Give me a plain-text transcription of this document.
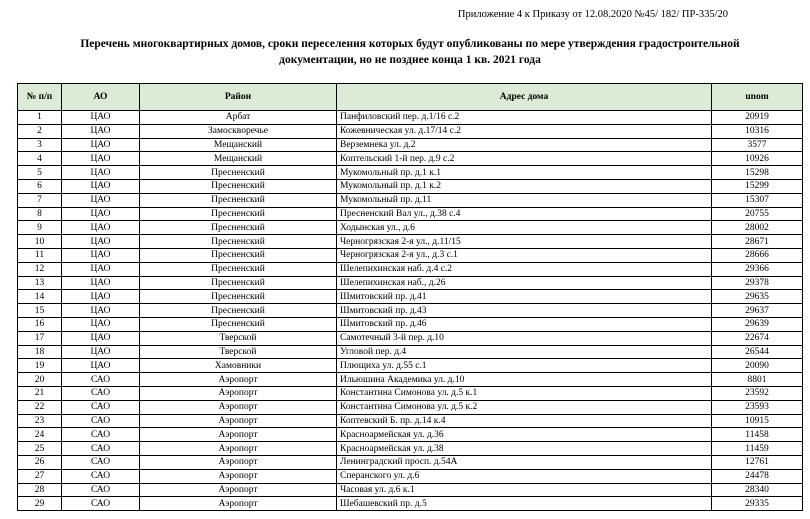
Приложение 4 к Приказу от 12.08.2020 №45/ 182/ ПР-335/20
Перечень многоквартирных домов, сроки переселения которых будут опубликованы по мере утверждения градостроительной
документации, но не позднее конца 1 кв. 2021 года
№ п/п	АО	Район	Адрес дома	unom
1	ЦАО	Арбат	Панфиловский пер. д.1/16 с.2	20919
2	ЦАО	Замоскворечье	Кожевническая ул. д.17/14 с.2	10316
3	ЦАО	Мещанский	Верземнека ул. д.2	3577
4	ЦАО	Мещанский	Коптельский 1-й пер. д.9 с.2	10926
5	ЦАО	Пресненский	Мукомольный пр. д.1 к.1	15298
6	ЦАО	Пресненский	Мукомольный пр. д.1 к.2	15299
7	ЦАО	Пресненский	Мукомольный пр. д.11	15307
8	ЦАО	Пресненский	Пресненский Вал ул., д.38 с.4	20755
9	ЦАО	Пресненский	Ходынская ул., д.6	28002
10	ЦАО	Пресненский	Черногрязская 2-я ул., д.11/15	28671
11	ЦАО	Пресненский	Черногрязская 2-я ул., д.3 с.1	28666
12	ЦАО	Пресненский	Шелепихинская наб. д.4 с.2	29366
13	ЦАО	Пресненский	Шелепихинская наб., д.26	29378
14	ЦАО	Пресненский	Шмитовский пр. д.41	29635
15	ЦАО	Пресненский	Шмитовский пр. д.43	29637
16	ЦАО	Пресненский	Шмитовский пр. д.46	29639
17	ЦАО	Тверской	Самотечный 3-й пер. д.10	22674
18	ЦАО	Тверской	Угловой пер. д.4	26544
19	ЦАО	Хамовники	Плющиха ул. д.55 с.1	20090
20	САО	Аэропорт	Ильюшина Академика ул. д.10	8801
21	САО	Аэропорт	Константина Симонова ул. д.5 к.1	23592
22	САО	Аэропорт	Константина Симонова ул. д.5 к.2	23593
23	САО	Аэропорт	Коптевский Б. пр. д.14 к.4	10915
24	САО	Аэропорт	Красноармейская ул. д.36	11458
25	САО	Аэропорт	Красноармейская ул. д.38	11459
26	САО	Аэропорт	Ленинградский просп. д.54А	12761
27	САО	Аэропорт	Сперанского ул. д.6	24478
28	САО	Аэропорт	Часовая ул. д.6 к.1	28340
29	САО	Аэропорт	Шебашевский пр. д.5	29335
